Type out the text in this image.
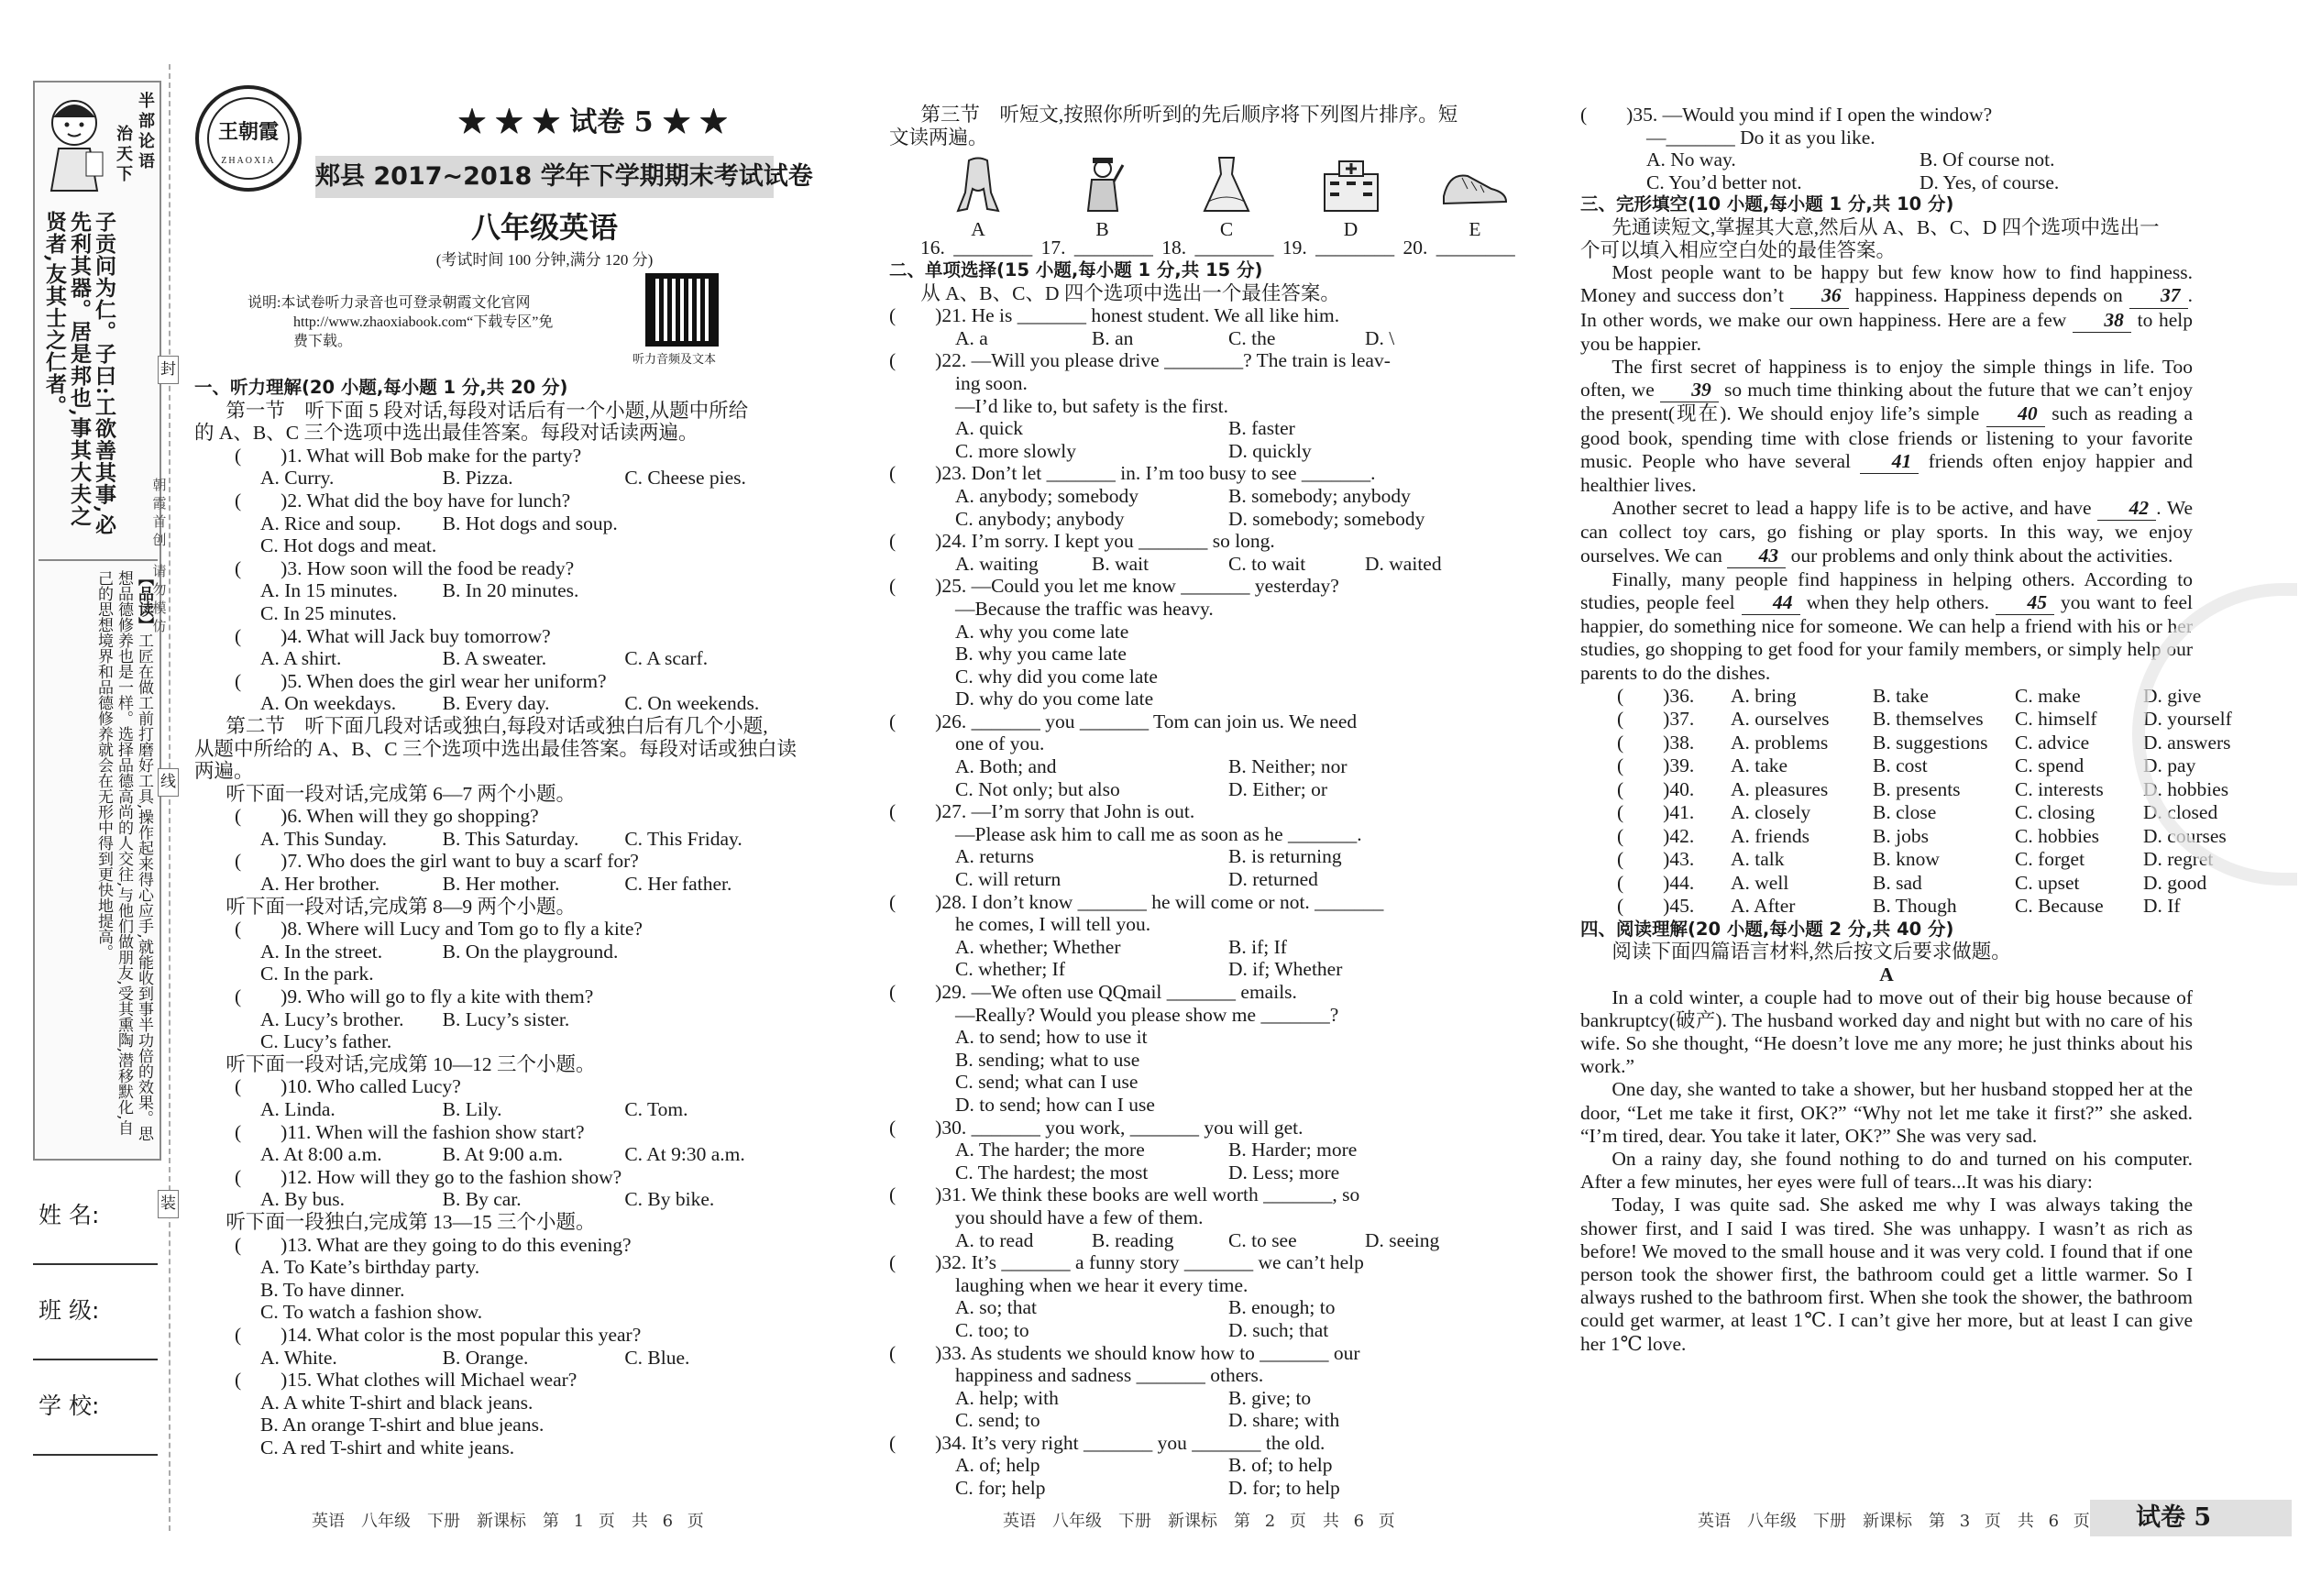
半部论语
治天下
子贡问为仁。子曰:工欲善其事,必先利其器。居是邦也,事其大夫之贤者,友其士之仁者。
【品读】工匠在做工前打磨好工具,操作起来得心应手,就能收到事半功倍的效果。思想品德修养也是一样。选择品德高尚的人交往,与他们做朋友,受其熏陶,潜移默化,自己的思想境界和品德修养就会在无形中得到更快地提高。
封
线
装
朝
霞
首
创
请
勿
模
仿
姓 名:
班 级:
学 校:
王朝霞
ZHAOXIA
★ ★ ★ 试卷 5 ★ ★
郏县 2017~2018 学年下学期期末考试试卷
八年级英语
(考试时间 100 分钟,满分 120 分)
说明:本试卷听力录音也可登录朝霞文化官网
http://www.zhaoxiabook.com“下载专区”免
费下载。
听力音频及文本
一、听力理解(20 小题,每小题 1 分,共 20 分)
第一节　听下面 5 段对话,每段对话后有一个小题,从题中所给
的 A、B、C 三个选项中选出最佳答案。每段对话读两遍。
(　　)1. What will Bob make for the party?
A. Curry.	B. Pizza.	C. Cheese pies.
(　　)2. What did the boy have for lunch?
A. Rice and soup.	B. Hot dogs and soup.
C. Hot dogs and meat.
(　　)3. How soon will the food be ready?
A. In 15 minutes.	B. In 20 minutes.
C. In 25 minutes.
(　　)4. What will Jack buy tomorrow?
A. A shirt.	B. A sweater.	C. A scarf.
(　　)5. When does the girl wear her uniform?
A. On weekdays.	B. Every day.	C. On weekends.
第二节　听下面几段对话或独白,每段对话或独白后有几个小题,
从题中所给的 A、B、C 三个选项中选出最佳答案。每段对话或独白读
两遍。
听下面一段对话,完成第 6—7 两个小题。
(　　)6. When will they go shopping?
A. This Sunday.	B. This Saturday.	C. This Friday.
(　　)7. Who does the girl want to buy a scarf for?
A. Her brother.	B. Her mother.	C. Her father.
听下面一段对话,完成第 8—9 两个小题。
(　　)8. Where will Lucy and Tom go to fly a kite?
A. In the street.	B. On the playground.
C. In the park.
(　　)9. Who will go to fly a kite with them?
A. Lucy’s brother.	B. Lucy’s sister.
C. Lucy’s father.
听下面一段对话,完成第 10—12 三个小题。
(　　)10. Who called Lucy?
A. Linda.	B. Lily.	C. Tom.
(　　)11. When will the fashion show start?
A. At 8:00 a.m.	B. At 9:00 a.m.	C. At 9:30 a.m.
(　　)12. How will they go to the fashion show?
A. By bus.	B. By car.	C. By bike.
听下面一段独白,完成第 13—15 三个小题。
(　　)13. What are they going to do this evening?
A. To Kate’s birthday party.
B. To have dinner.
C. To watch a fashion show.
(　　)14. What color is the most popular this year?
A. White.	B. Orange.	C. Blue.
(　　)15. What clothes will Michael wear?
A. A white T-shirt and black jeans.
B. An orange T-shirt and blue jeans.
C. A red T-shirt and white jeans.
第三节　听短文,按照你所听到的先后顺序将下列图片排序。短
文读两遍。
A	B	C	D	E
16. ________ 17. ________ 18. ________ 19. ________ 20. ________
二、单项选择(15 小题,每小题 1 分,共 15 分)
从 A、B、C、D 四个选项中选出一个最佳答案。
(　　)21. He is _______ honest student. We all like him.
A. a	B. an	C. the	D. \
(　　)22. —Will you please drive ________? The train is leav-
ing soon.
—I’d like to, but safety is the first.
A. quick	B. faster
C. more slowly	D. quickly
(　　)23. Don’t let _______ in. I’m too busy to see _______.
A. anybody; somebody	B. somebody; anybody
C. anybody; anybody	D. somebody; somebody
(　　)24. I’m sorry. I kept you _______ so long.
A. waiting	B. wait	C. to wait	D. waited
(　　)25. —Could you let me know _______ yesterday?
—Because the traffic was heavy.
A. why you come late
B. why you came late
C. why did you come late
D. why do you come late
(　　)26. _______ you _______ Tom can join us. We need
one of you.
A. Both; and	B. Neither; nor
C. Not only; but also	D. Either; or
(　　)27. —I’m sorry that John is out.
—Please ask him to call me as soon as he _______.
A. returns	B. is returning
C. will return	D. returned
(　　)28. I don’t know _______ he will come or not. _______
he comes, I will tell you.
A. whether; Whether	B. if; If
C. whether; If	D. if; Whether
(　　)29. —We often use QQmail _______ emails.
—Really? Would you please show me _______?
A. to send; how to use it
B. sending; what to use
C. send; what can I use
D. to send; how can I use
(　　)30. _______ you work, _______ you will get.
A. The harder; the more	B. Harder; more
C. The hardest; the most	D. Less; more
(　　)31. We think these books are well worth _______, so
you should have a few of them.
A. to read	B. reading	C. to see	D. seeing
(　　)32. It’s _______ a funny story _______ we can’t help
laughing when we hear it every time.
A. so; that	B. enough; to
C. too; to	D. such; that
(　　)33. As students we should know how to _______ our
happiness and sadness _______ others.
A. help; with	B. give; to
C. send; to	D. share; with
(　　)34. It’s very right _______ you _______ the old.
A. of; help	B. of; to help
C. for; help	D. for; to help
(　　)35. —Would you mind if I open the window?
—_______ Do it as you like.
A. No way.	B. Of course not.
C. You’d better not.	D. Yes, of course.
三、完形填空(10 小题,每小题 1 分,共 10 分)
先通读短文,掌握其大意,然后从 A、B、C、D 四个选项中选出一
个可以填入相应空白处的最佳答案。
Most people want to be happy but few know how to find happiness. Money and success don’t 36 happiness. Happiness depends on 37 . In other words, we make our own happiness. Here are a few 38 to help you be happier.
The first secret of happiness is to enjoy the simple things in life. Too often, we 39 so much time thinking about the future that we can’t enjoy the present(现在). We should enjoy life’s simple 40 such as reading a good book, spending time with close friends or listening to your favorite music. People who have several 41 friends often enjoy happier and healthier lives.
Another secret to lead a happy life is to be active, and have 42 . We can collect toy cars, go fishing or play sports. In this way, we enjoy ourselves. We can 43 our problems and only think about the activities.
Finally, many people find happiness in helping others. According to studies, people feel 44 when they help others. 45 you want to feel happier, do something nice for someone. We can help a friend with his or her studies, go shopping to get food for your family members, or simply help our parents to do the dishes.
(　　)36.	A. bring	B. take	C. make	D. give
(　　)37.	A. ourselves	B. themselves	C. himself	D. yourself
(　　)38.	A. problems	B. suggestions	C. advice	D. answers
(　　)39.	A. take	B. cost	C. spend	D. pay
(　　)40.	A. pleasures	B. presents	C. interests	D. hobbies
(　　)41.	A. closely	B. close	C. closing	D. closed
(　　)42.	A. friends	B. jobs	C. hobbies	D. courses
(　　)43.	A. talk	B. know	C. forget	D. regret
(　　)44.	A. well	B. sad	C. upset	D. good
(　　)45.	A. After	B. Though	C. Because	D. If
四、阅读理解(20 小题,每小题 2 分,共 40 分)
阅读下面四篇语言材料,然后按文后要求做题。
A
In a cold winter, a couple had to move out of their big house because of bankruptcy(破产). The husband worked day and night but with no care of his wife. So she thought, “He doesn’t love me any more; he just thinks about his work.”
One day, she wanted to take a shower, but her husband stopped her at the door, “Let me take it first, OK?” “Why not let me take it first?” she asked. “I’m tired, dear. You take it later, OK?” She was very sad.
On a rainy day, she found nothing to do and turned on his computer. After a few minutes, her eyes were full of tears...It was his diary:
Today, I was quite sad. She asked me why I was always taking the shower first, and I said I was tired. She was unhappy. I wasn’t as rich as before! We moved to the small house and it was very cold. I found that if one person took the shower first, the bathroom could get a little warmer. So I always rushed to the bathroom first. When she took the shower, the bathroom could get warmer, at least 1℃. I can’t give her more, but at least I can give her 1℃ love.
英语　八年级　下册　新课标　第 1 页　共 6 页	英语　八年级　下册　新课标　第 2 页　共 6 页	英语　八年级　下册　新课标　第 3 页　共 6 页	试卷 5
